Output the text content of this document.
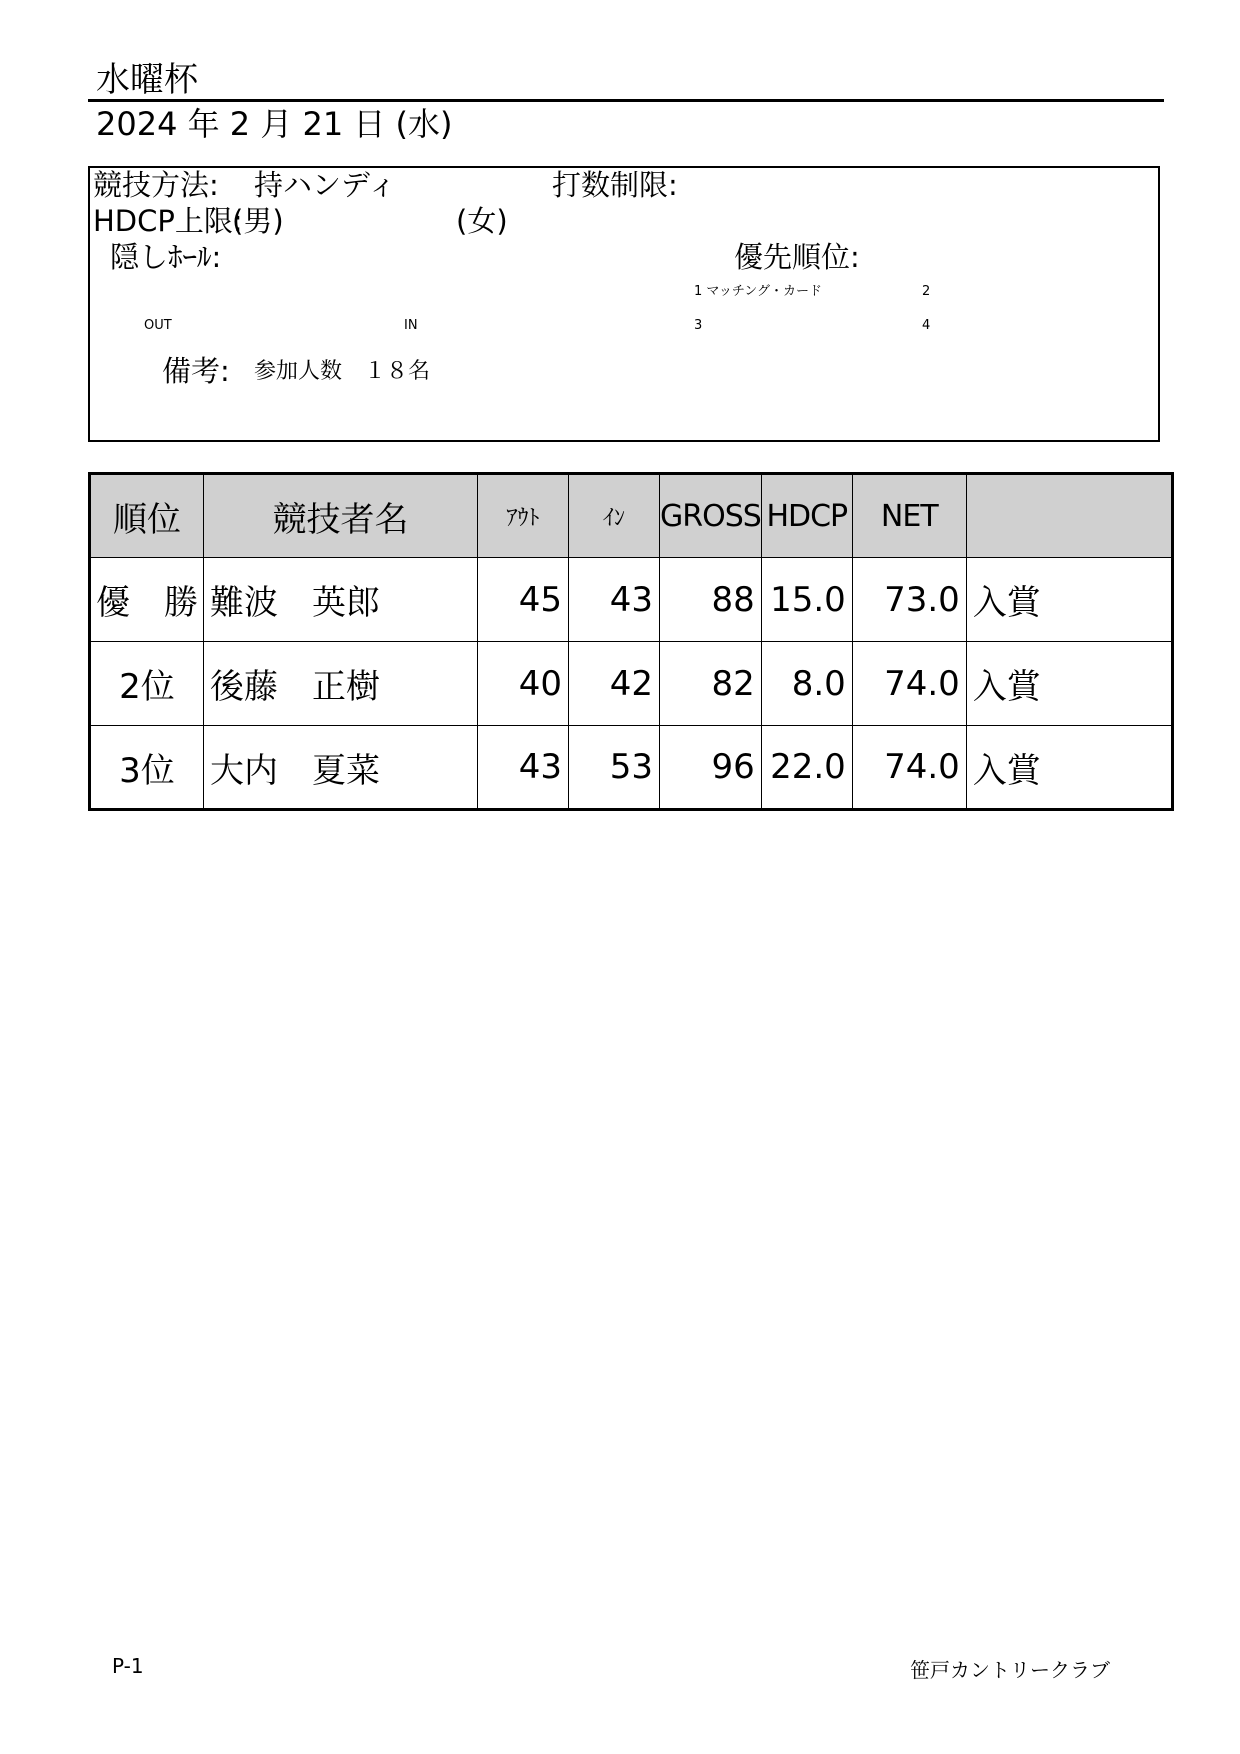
水曜杯
2024 年 2 月 21 日 (水)
競技方法: 持ハンディ	打数制限:
HDCP上限:
(男)	(女)
隠しﾎｰﾙ:	優先順位:
1 マッチング・カード	2
OUT	IN	3	4
備考: 参加人数　１８名
順位	競技者名	ｱｳﾄ	ｲﾝ	GROSS	HDCP	NET	
優　勝	難波　英郎	45	43	88	15.0	73.0	入賞
2位	後藤　正樹	40	42	82	8.0	74.0	入賞
3位	大内　夏菜	43	53	96	22.0	74.0	入賞
P-1	笹戸カントリークラブ
